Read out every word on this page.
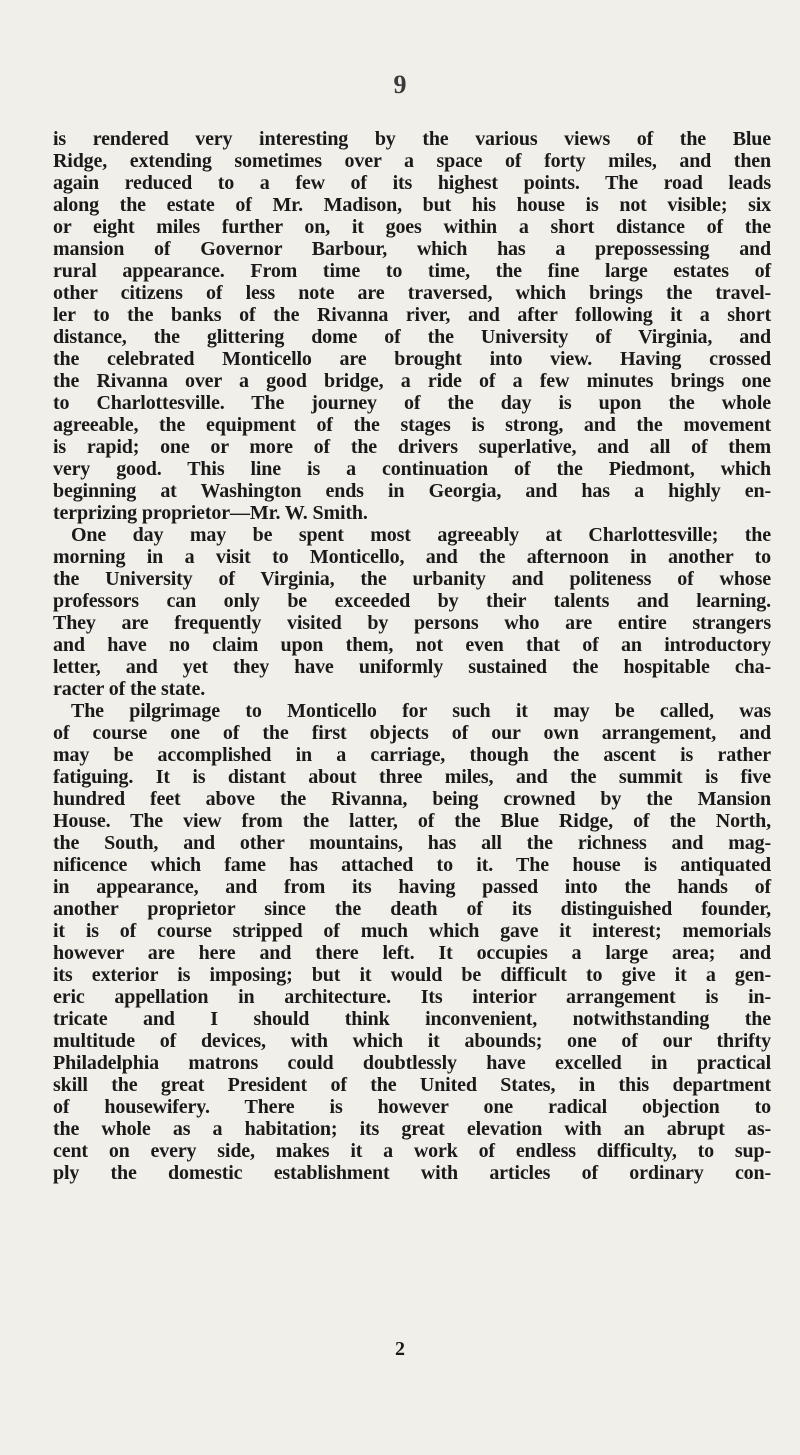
9
is rendered very interesting by the various views of the Blue
Ridge, extending sometimes over a space of forty miles, and then
again reduced to a few of its highest points. The road leads
along the estate of Mr. Madison, but his house is not visible; six
or eight miles further on, it goes within a short distance of the
mansion of Governor Barbour, which has a prepossessing and
rural appearance. From time to time, the fine large estates of
other citizens of less note are traversed, which brings the travel-
ler to the banks of the Rivanna river, and after following it a short
distance, the glittering dome of the University of Virginia, and
the celebrated Monticello are brought into view. Having crossed
the Rivanna over a good bridge, a ride of a few minutes brings one
to Charlottesville. The journey of the day is upon the whole
agreeable, the equipment of the stages is strong, and the movement
is rapid; one or more of the drivers superlative, and all of them
very good. This line is a continuation of the Piedmont, which
beginning at Washington ends in Georgia, and has a highly en-
terprizing proprietor—Mr. W. Smith.
One day may be spent most agreeably at Charlottesville; the
morning in a visit to Monticello, and the afternoon in another to
the University of Virginia, the urbanity and politeness of whose
professors can only be exceeded by their talents and learning.
They are frequently visited by persons who are entire strangers
and have no claim upon them, not even that of an introductory
letter, and yet they have uniformly sustained the hospitable cha-
racter of the state.
The pilgrimage to Monticello for such it may be called, was
of course one of the first objects of our own arrangement, and
may be accomplished in a carriage, though the ascent is rather
fatiguing. It is distant about three miles, and the summit is five
hundred feet above the Rivanna, being crowned by the Mansion
House. The view from the latter, of the Blue Ridge, of the North,
the South, and other mountains, has all the richness and mag-
nificence which fame has attached to it. The house is antiquated
in appearance, and from its having passed into the hands of
another proprietor since the death of its distinguished founder,
it is of course stripped of much which gave it interest; memorials
however are here and there left. It occupies a large area; and
its exterior is imposing; but it would be difficult to give it a gen-
eric appellation in architecture. Its interior arrangement is in-
tricate and I should think inconvenient, notwithstanding the
multitude of devices, with which it abounds; one of our thrifty
Philadelphia matrons could doubtlessly have excelled in practical
skill the great President of the United States, in this department
of housewifery. There is however one radical objection to
the whole as a habitation; its great elevation with an abrupt as-
cent on every side, makes it a work of endless difficulty, to sup-
ply the domestic establishment with articles of ordinary con-
2
